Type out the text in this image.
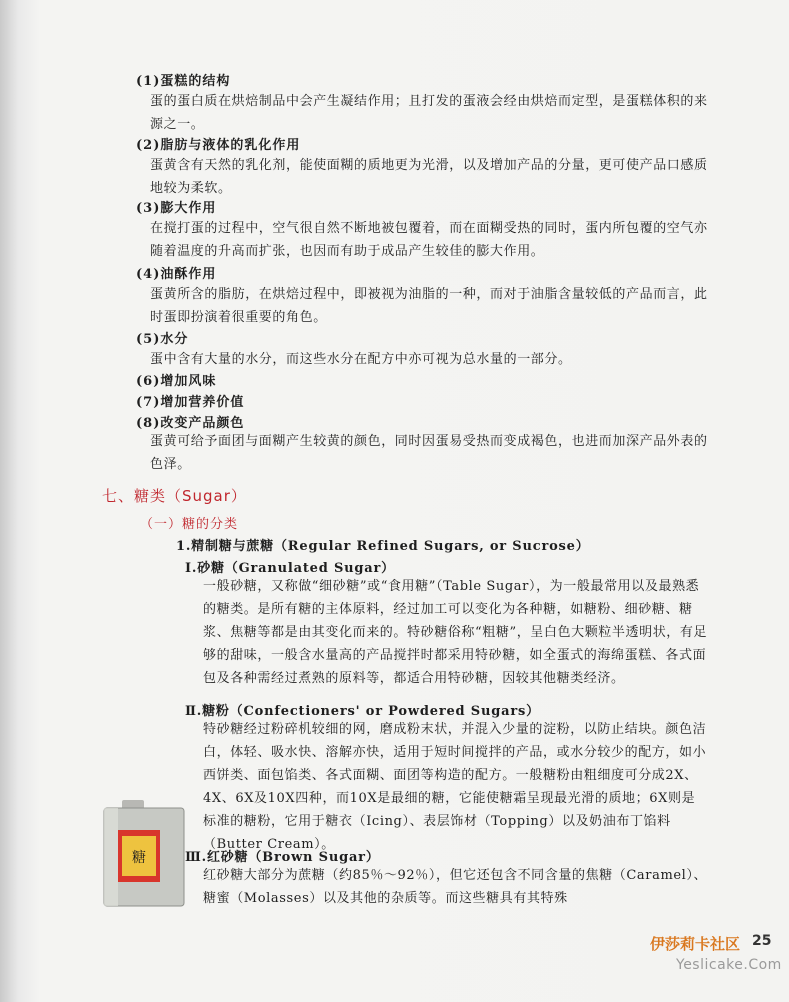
(1)蛋糕的结构
蛋的蛋白质在烘焙制品中会产生凝结作用；且打发的蛋液会经由烘焙而定型，是蛋糕体积的来源之一。
(2)脂肪与液体的乳化作用
蛋黄含有天然的乳化剂，能使面糊的质地更为光滑，以及增加产品的分量，更可使产品口感质地较为柔软。
(3)膨大作用
在搅打蛋的过程中，空气很自然不断地被包覆着，而在面糊受热的同时，蛋内所包覆的空气亦随着温度的升高而扩张，也因而有助于成品产生较佳的膨大作用。
(4)油酥作用
蛋黄所含的脂肪，在烘焙过程中，即被视为油脂的一种，而对于油脂含量较低的产品而言，此时蛋即扮演着很重要的角色。
(5)水分
蛋中含有大量的水分，而这些水分在配方中亦可视为总水量的一部分。
(6)增加风味
(7)增加营养价值
(8)改变产品颜色
蛋黄可给予面团与面糊产生较黄的颜色，同时因蛋易受热而变成褐色，也进而加深产品外表的色泽。
七、糖类（Sugar）
（一）糖的分类
1.精制糖与蔗糖（Regular Refined Sugars, or Sucrose）
Ⅰ.砂糖（Granulated Sugar）
一般砂糖，又称做“细砂糖”或“食用糖”（Table Sugar），为一般最常用以及最熟悉的糖类。是所有糖的主体原料，经过加工可以变化为各种糖，如糖粉、细砂糖、糖浆、焦糖等都是由其变化而来的。特砂糖俗称“粗糖”，呈白色大颗粒半透明状，有足够的甜味，一般含水量高的产品搅拌时都采用特砂糖，如全蛋式的海绵蛋糕、各式面包及各种需经过煮熟的原料等，都适合用特砂糖，因较其他糖类经济。
Ⅱ.糖粉（Confectioners' or Powdered Sugars）
特砂糖经过粉碎机较细的网，磨成粉末状，并混入少量的淀粉，以防止结块。颜色洁白，体轻、吸水快、溶解亦快，适用于短时间搅拌的产品，或水分较少的配方，如小西饼类、面包馅类、各式面糊、面团等构造的配方。一般糖粉由粗细度可分成2X、4X、6X及10X四种，而10X是最细的糖，它能使糖霜呈现最光滑的质地；6X则是标准的糖粉，它用于糖衣（Icing）、表层饰材（Topping）以及奶油布丁馅料（Butter Cream）。
Ⅲ.红砂糖（Brown Sugar）
红砂糖大部分为蔗糖（约85％～92％），但它还包含不同含量的焦糖（Caramel）、糖蜜（Molasses）以及其他的杂质等。而这些糖具有其特殊
糖
伊莎莉卡社区 25
Yeslicake.Com
